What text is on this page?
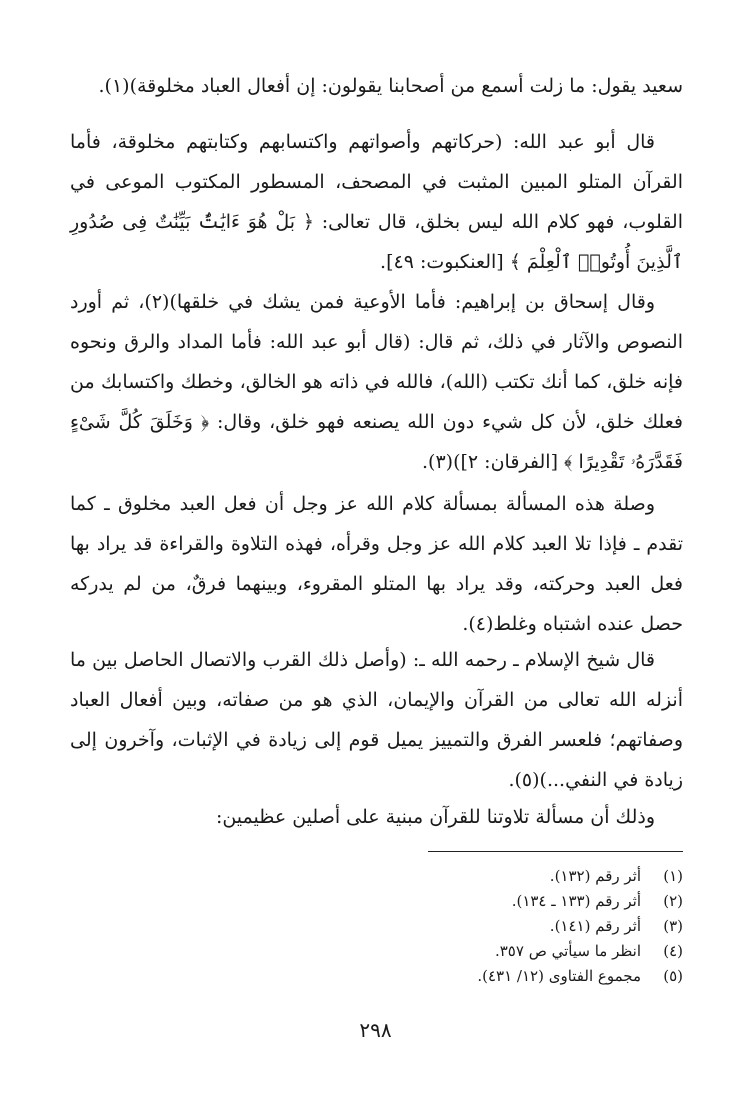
سعيد يقول: ما زلت أسمع من أصحابنا يقولون: إن أفعال العباد مخلوقة)(١).

قال أبو عبد الله: (حركاتهم وأصواتهم واكتسابهم وكتابتهم مخلوقة، فأما القرآن المتلو المبين المثبت في المصحف، المسطور المكتوب الموعى في القلوب، فهو كلام الله ليس بخلق، قال تعالى: ﴿ بَلْ هُوَ ءَايَٰتٌۢ بَيِّنَٰتٌ فِى صُدُورِ ٱلَّذِينَ أُوتُوا۟ ٱلْعِلْمَ ﴾ [العنكبوت: ٤٩].

وقال إسحاق بن إبراهيم: فأما الأوعية فمن يشك في خلقها)(٢)، ثم أورد النصوص والآثار في ذلك، ثم قال: (قال أبو عبد الله: فأما المداد والرق ونحوه فإنه خلق، كما أنك تكتب (الله)، فالله في ذاته هو الخالق، وخطك واكتسابك من فعلك خلق، لأن كل شيء دون الله يصنعه فهو خلق، وقال: ﴿ وَخَلَقَ كُلَّ شَىْءٍ فَقَدَّرَهُۥ تَقْدِيرًا ﴾ [الفرقان: ٢])(٣).

وصلة هذه المسألة بمسألة كلام الله عز وجل أن فعل العبد مخلوق ـ كما تقدم ـ فإذا تلا العبد كلام الله عز وجل وقرأه، فهذه التلاوة والقراءة قد يراد بها فعل العبد وحركته، وقد يراد بها المتلو المقروء، وبينهما فرقٌ، من لم يدركه حصل عنده اشتباه وغلط(٤).

قال شيخ الإسلام ـ رحمه الله ـ: (وأصل ذلك القرب والاتصال الحاصل بين ما أنزله الله تعالى من القرآن والإيمان، الذي هو من صفاته، وبين أفعال العباد وصفاتهم؛ فلعسر الفرق والتمييز يميل قوم إلى زيادة في الإثبات، وآخرون إلى زيادة في النفي...)(٥).

وذلك أن مسألة تلاوتنا للقرآن مبنية على أصلين عظيمين:

(١)أثر رقم (١٣٢).
(٢)أثر رقم (١٣٣ ـ ١٣٤).
(٣)أثر رقم (١٤١).
(٤)انظر ما سيأتي ص ٣٥٧.
(٥)مجموع الفتاوى (١٢/ ٤٣١).
٢٩٨
